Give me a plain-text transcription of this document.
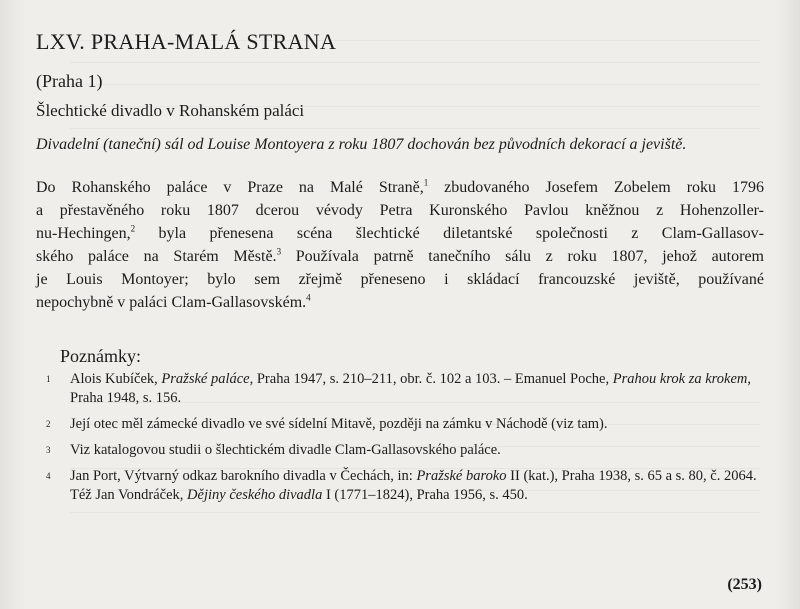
LXV. PRAHA-MALÁ STRANA

(Praha 1)

Šlechtické divadlo v Rohanském paláci

Divadelní (taneční) sál od Louise Montoyera z roku 1807 dochován bez původních dekorací a jeviště.

Do Rohanského paláce v Praze na Malé Straně,$^1$ zbudovaného Josefem Zobelem roku 1796
a přestavěného roku 1807 dcerou vévody Petra Kuronského Pavlou kněžnou z Hohenzoller-
nu-Hechingen,$^2$ byla přenesena scéna šlechtické diletantské společnosti z Clam-Gallasov-
ského paláce na Starém Městě.$^3$ Používala patrně tanečního sálu z roku 1807, jehož autorem
je Louis Montoyer; bylo sem zřejmě přeneseno i skládací francouzské jeviště, používané
nepochybně v paláci Clam-Gallasovském.$^4$

Poznámky:

1 Alois Kubíček, Pražské paláce, Praha 1947, s. 210–211, obr. č. 102 a 103. – Emanuel Poche, Prahou krok za krokem, Praha 1948, s. 156.
2 Její otec měl zámecké divadlo ve své sídelní Mitavě, později na zámku v Náchodě (viz tam).
3 Viz katalogovou studii o šlechtickém divadle Clam-Gallasovského paláce.
4 Jan Port, Výtvarný odkaz barokního divadla v Čechách, in: Pražské baroko II (kat.), Praha 1938, s. 65 a s. 80, č. 2064. Též Jan Vondráček, Dějiny českého divadla I (1771–1824), Praha 1956, s. 450.
(253)
